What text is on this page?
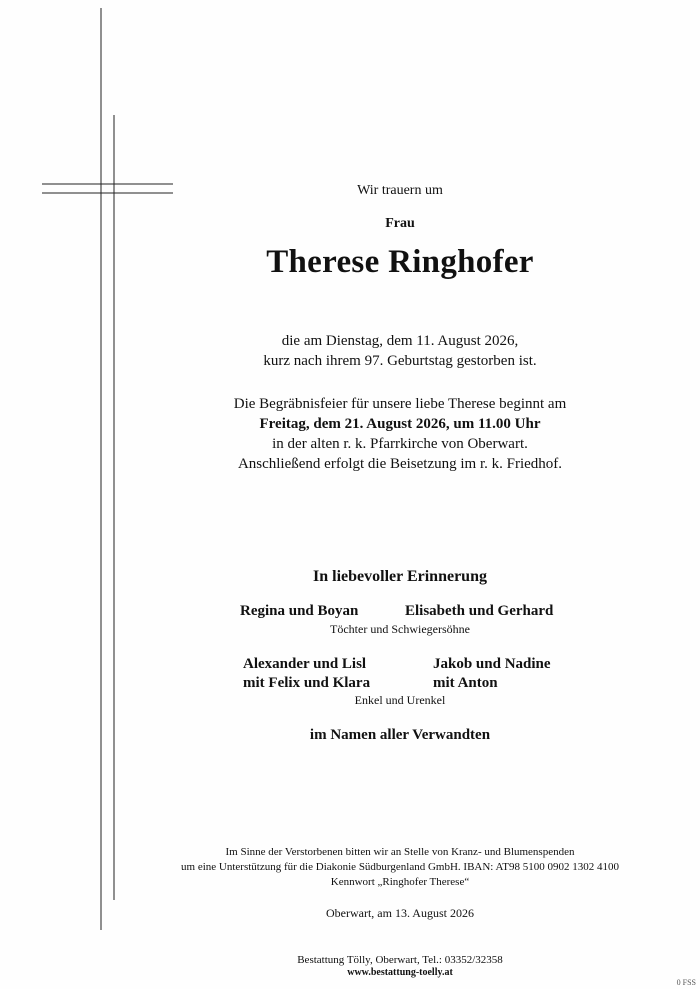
Wir trauern um
Frau
Therese Ringhofer
die am Dienstag, dem 11. August 2026,
kurz nach ihrem 97. Geburtstag gestorben ist.
Die Begräbnisfeier für unsere liebe Therese beginnt am
Freitag, dem 21. August 2026, um 11.00 Uhr
in der alten r. k. Pfarrkirche von Oberwart.
Anschließend erfolgt die Beisetzung im r. k. Friedhof.
In liebevoller Erinnerung
Regina und Boyan	Elisabeth und Gerhard
Töchter und Schwiegersöhne
Alexander und Lisl
mit Felix und Klara
Jakob und Nadine
mit Anton
Enkel und Urenkel
im Namen aller Verwandten
Im Sinne der Verstorbenen bitten wir an Stelle von Kranz- und Blumenspenden
um eine Unterstützung für die Diakonie Südburgenland GmbH. IBAN: AT98 5100 0902 1302 4100
Kennwort „Ringhofer Therese“
Oberwart, am 13. August 2026
Bestattung Tölly, Oberwart, Tel.: 03352/32358
www.bestattung-toelly.at
0 FSS
